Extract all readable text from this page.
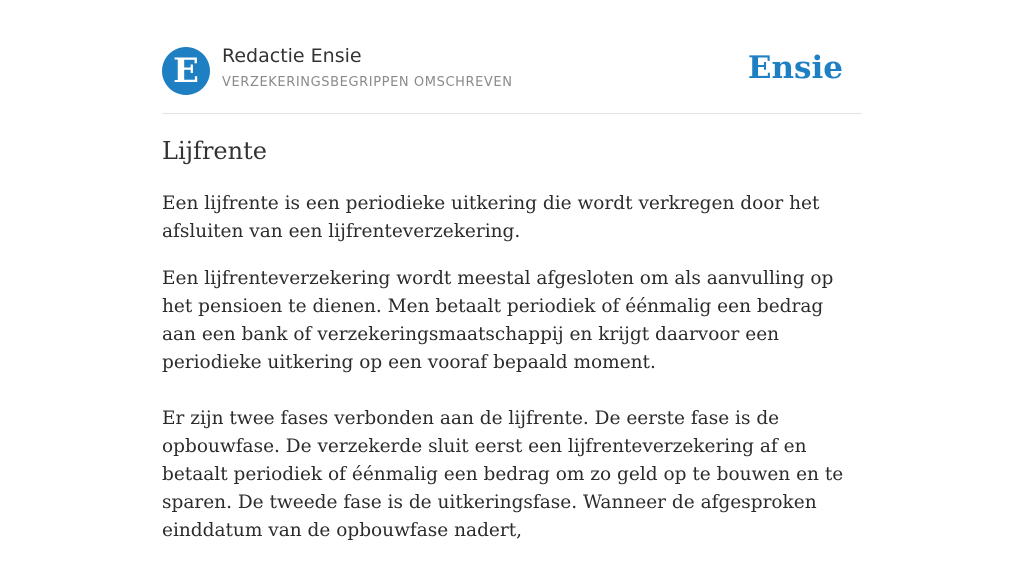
E	Redactie Ensie
VERZEKERINGSBEGRIPPEN OMSCHREVEN	Ensie
Lijfrente

Een lijfrente is een periodieke uitkering die wordt verkregen door het afsluiten van een lijfrenteverzekering.

Een lijfrenteverzekering wordt meestal afgesloten om als aanvulling op het pensioen te dienen. Men betaalt periodiek of éénmalig een bedrag aan een bank of verzekeringsmaatschappij en krijgt daarvoor een periodieke uitkering op een vooraf bepaald moment.

Er zijn twee fases verbonden aan de lijfrente. De eerste fase is de opbouwfase. De verzekerde sluit eerst een lijfrenteverzekering af en betaalt periodiek of éénmalig een bedrag om zo geld op te bouwen en te sparen. De tweede fase is de uitkeringsfase. Wanneer de afgesproken einddatum van de opbouwfase nadert,
